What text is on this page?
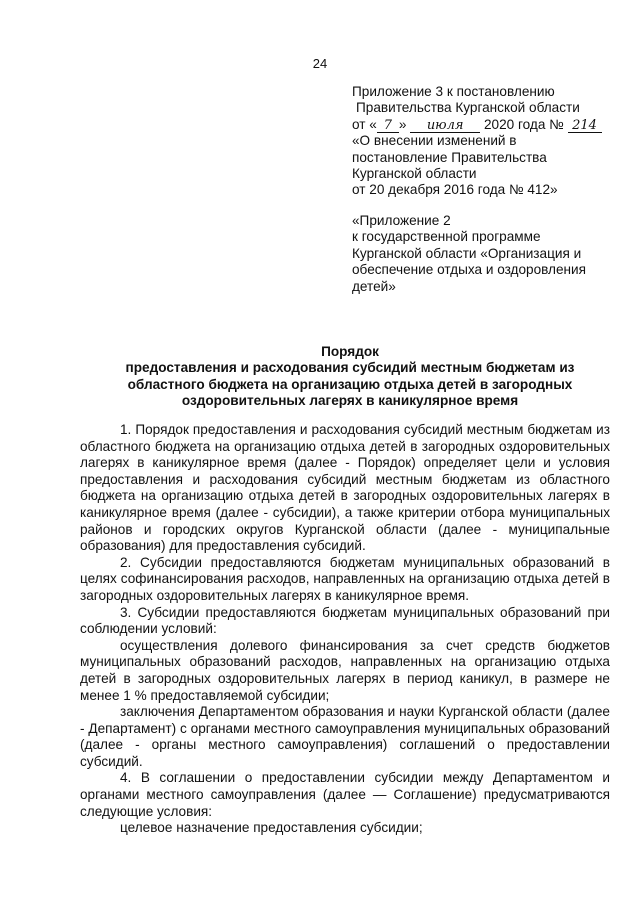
24
Приложение 3 к постановлению
Правительства Курганской области
от « 7 » июля 2020 года № 214
«О внесении изменений в
постановление Правительства
Курганской области
от 20 декабря 2016 года № 412»
«Приложение 2
к государственной программе
Курганской области «Организация и
обеспечение отдыха и оздоровления
детей»
Порядок
предоставления и расходования субсидий местным бюджетам из
областного бюджета на организацию отдыха детей в загородных
оздоровительных лагерях в каникулярное время

1. Порядок предоставления и расходования субсидий местным бюджетам из областного бюджета на организацию отдыха детей в загородных оздоровительных лагерях в каникулярное время (далее - Порядок) определяет цели и условия предоставления и расходования субсидий местным бюджетам из областного бюджета на организацию отдыха детей в загородных оздоровительных лагерях в каникулярное время (далее - субсидии), а также критерии отбора муниципальных районов и городских округов Курганской области (далее - муниципальные образования) для предоставления субсидий.

2. Субсидии предоставляются бюджетам муниципальных образований в целях софинансирования расходов, направленных на организацию отдыха детей в загородных оздоровительных лагерях в каникулярное время.

3. Субсидии предоставляются бюджетам муниципальных образований при соблюдении условий:

осуществления долевого финансирования за счет средств бюджетов муниципальных образований расходов, направленных на организацию отдыха детей в загородных оздоровительных лагерях в период каникул, в размере не менее 1 % предоставляемой субсидии;

заключения Департаментом образования и науки Курганской области (далее - Департамент) с органами местного самоуправления муниципальных образований (далее - органы местного самоуправления) соглашений о предоставлении субсидий.

4. В соглашении о предоставлении субсидии между Департаментом и органами местного самоуправления (далее — Соглашение) предусматриваются следующие условия:

целевое назначение предоставления субсидии;
